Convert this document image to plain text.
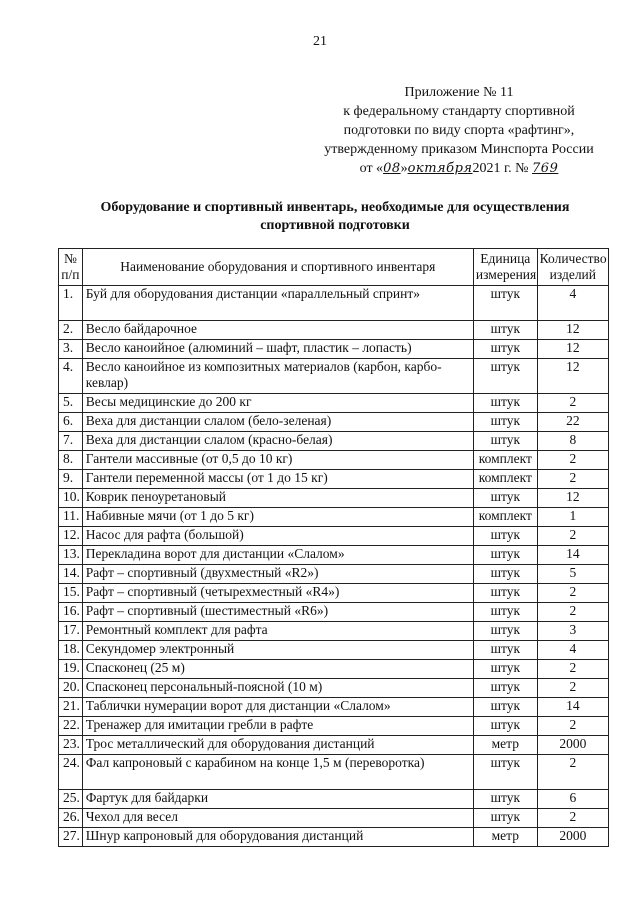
21
Приложение № 11
к федеральному стандарту спортивной
подготовки по виду спорта «рафтинг»,
утвержденному приказом Минспорта России
от «08»октября2021 г. № 769
Оборудование и спортивный инвентарь, необходимые для осуществления
спортивной подготовки
№ п/п	Наименование оборудования и спортивного инвентаря	Единица измерения	Количество изделий
1.	Буй для оборудования дистанции «параллельный спринт»	штук	4
2.	Весло байдарочное	штук	12
3.	Весло каноийное (алюминий – шафт, пластик – лопасть)	штук	12
4.	Весло каноийное из композитных материалов (карбон, карбо-кевлар)	штук	12
5.	Весы медицинские до 200 кг	штук	2
6.	Веха для дистанции слалом (бело-зеленая)	штук	22
7.	Веха для дистанции слалом (красно-белая)	штук	8
8.	Гантели массивные (от 0,5 до 10 кг)	комплект	2
9.	Гантели переменной массы (от 1 до 15 кг)	комплект	2
10.	Коврик пеноуретановый	штук	12
11.	Набивные мячи (от 1 до 5 кг)	комплект	1
12.	Насос для рафта (большой)	штук	2
13.	Перекладина ворот для дистанции «Слалом»	штук	14
14.	Рафт – спортивный (двухместный «R2»)	штук	5
15.	Рафт – спортивный (четырехместный «R4»)	штук	2
16.	Рафт – спортивный (шестиместный «R6»)	штук	2
17.	Ремонтный комплект для рафта	штук	3
18.	Секундомер электронный	штук	4
19.	Спасконец (25 м)	штук	2
20.	Спасконец персональный-поясной (10 м)	штук	2
21.	Таблички нумерации ворот для дистанции «Слалом»	штук	14
22.	Тренажер для имитации гребли в рафте	штук	2
23.	Трос металлический для оборудования дистанций	метр	2000
24.	Фал капроновый с карабином на конце 1,5 м (переворотка)	штук	2
25.	Фартук для байдарки	штук	6
26.	Чехол для весел	штук	2
27.	Шнур капроновый для оборудования дистанций	метр	2000
